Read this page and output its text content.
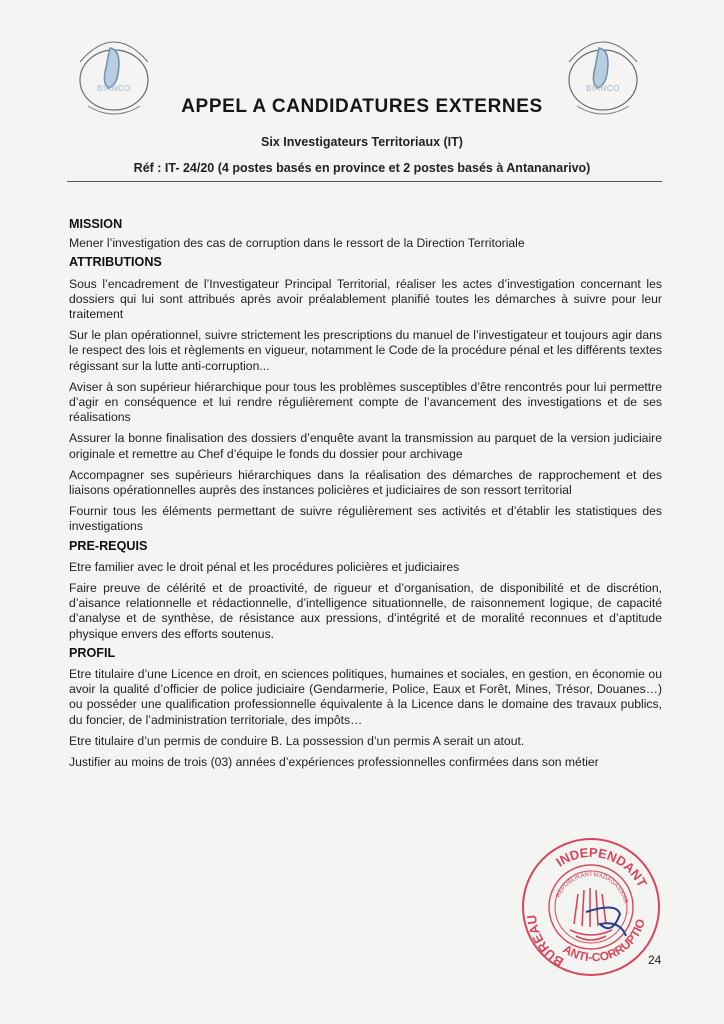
BIANCO	BIANCO
APPEL A CANDIDATURES EXTERNES
Six Investigateurs Territoriaux (IT)
Réf : IT- 24/20 (4 postes basés en province et 2 postes basés à Antananarivo)
MISSION

Mener l’investigation des cas de corruption dans le ressort de la Direction Territoriale

ATTRIBUTIONS

Sous l’encadrement de l’Investigateur Principal Territorial, réaliser les actes d’investigation concernant les dossiers qui lui sont attribués après avoir préalablement planifié toutes les démarches à suivre pour leur traitement

Sur le plan opérationnel, suivre strictement les prescriptions du manuel de l’investigateur et toujours agir dans le respect des lois et règlements en vigueur, notamment le Code de la procédure pénal et les différents textes régissant sur la lutte anti-corruption...

Aviser à son supérieur hiérarchique pour tous les problèmes susceptibles d’être rencontrés pour lui permettre d’agir en conséquence et lui rendre régulièrement compte de l’avancement des investigations et de ses réalisations

Assurer la bonne finalisation des dossiers d’enquête avant la transmission au parquet de la version judiciaire originale et remettre au Chef d’équipe le fonds du dossier pour archivage

Accompagner ses supérieurs hiérarchiques dans la réalisation des démarches de rapprochement et des liaisons opérationnelles auprès des instances policières et judiciaires de son ressort territorial

Fournir tous les éléments permettant de suivre régulièrement ses activités et d’établir les statistiques des investigations

PRE-REQUIS

Etre familier avec le droit pénal et les procédures policières et judiciaires

Faire preuve de célérité et de proactivité, de rigueur et d’organisation, de disponibilité et de discrétion, d’aisance relationnelle et rédactionnelle, d’intelligence situationnelle, de raisonnement logique, de capacité d’analyse et de synthèse, de résistance aux pressions, d’intégrité et de moralité reconnues et d’aptitude physique envers des efforts soutenus.

PROFIL

Etre titulaire d’une Licence en droit, en sciences politiques, humaines et sociales, en gestion, en économie ou avoir la qualité d’officier de police judiciaire (Gendarmerie, Police, Eaux et Forêt, Mines, Trésor, Douanes…) ou posséder une qualification professionnelle équivalente à la Licence dans le domaine des travaux publics, du foncier, de l’administration territoriale, des impôts…

Etre titulaire d’un permis de conduire B. La possession d’un permis A serait un atout.

Justifier au moins de trois (03) années d’expériences professionnelles confirmées dans son métier

INDEPENDANT
BUREAU
ANTI-CORRUPTIO
REPOBLIKAN'I MADAGASIKAR
24
